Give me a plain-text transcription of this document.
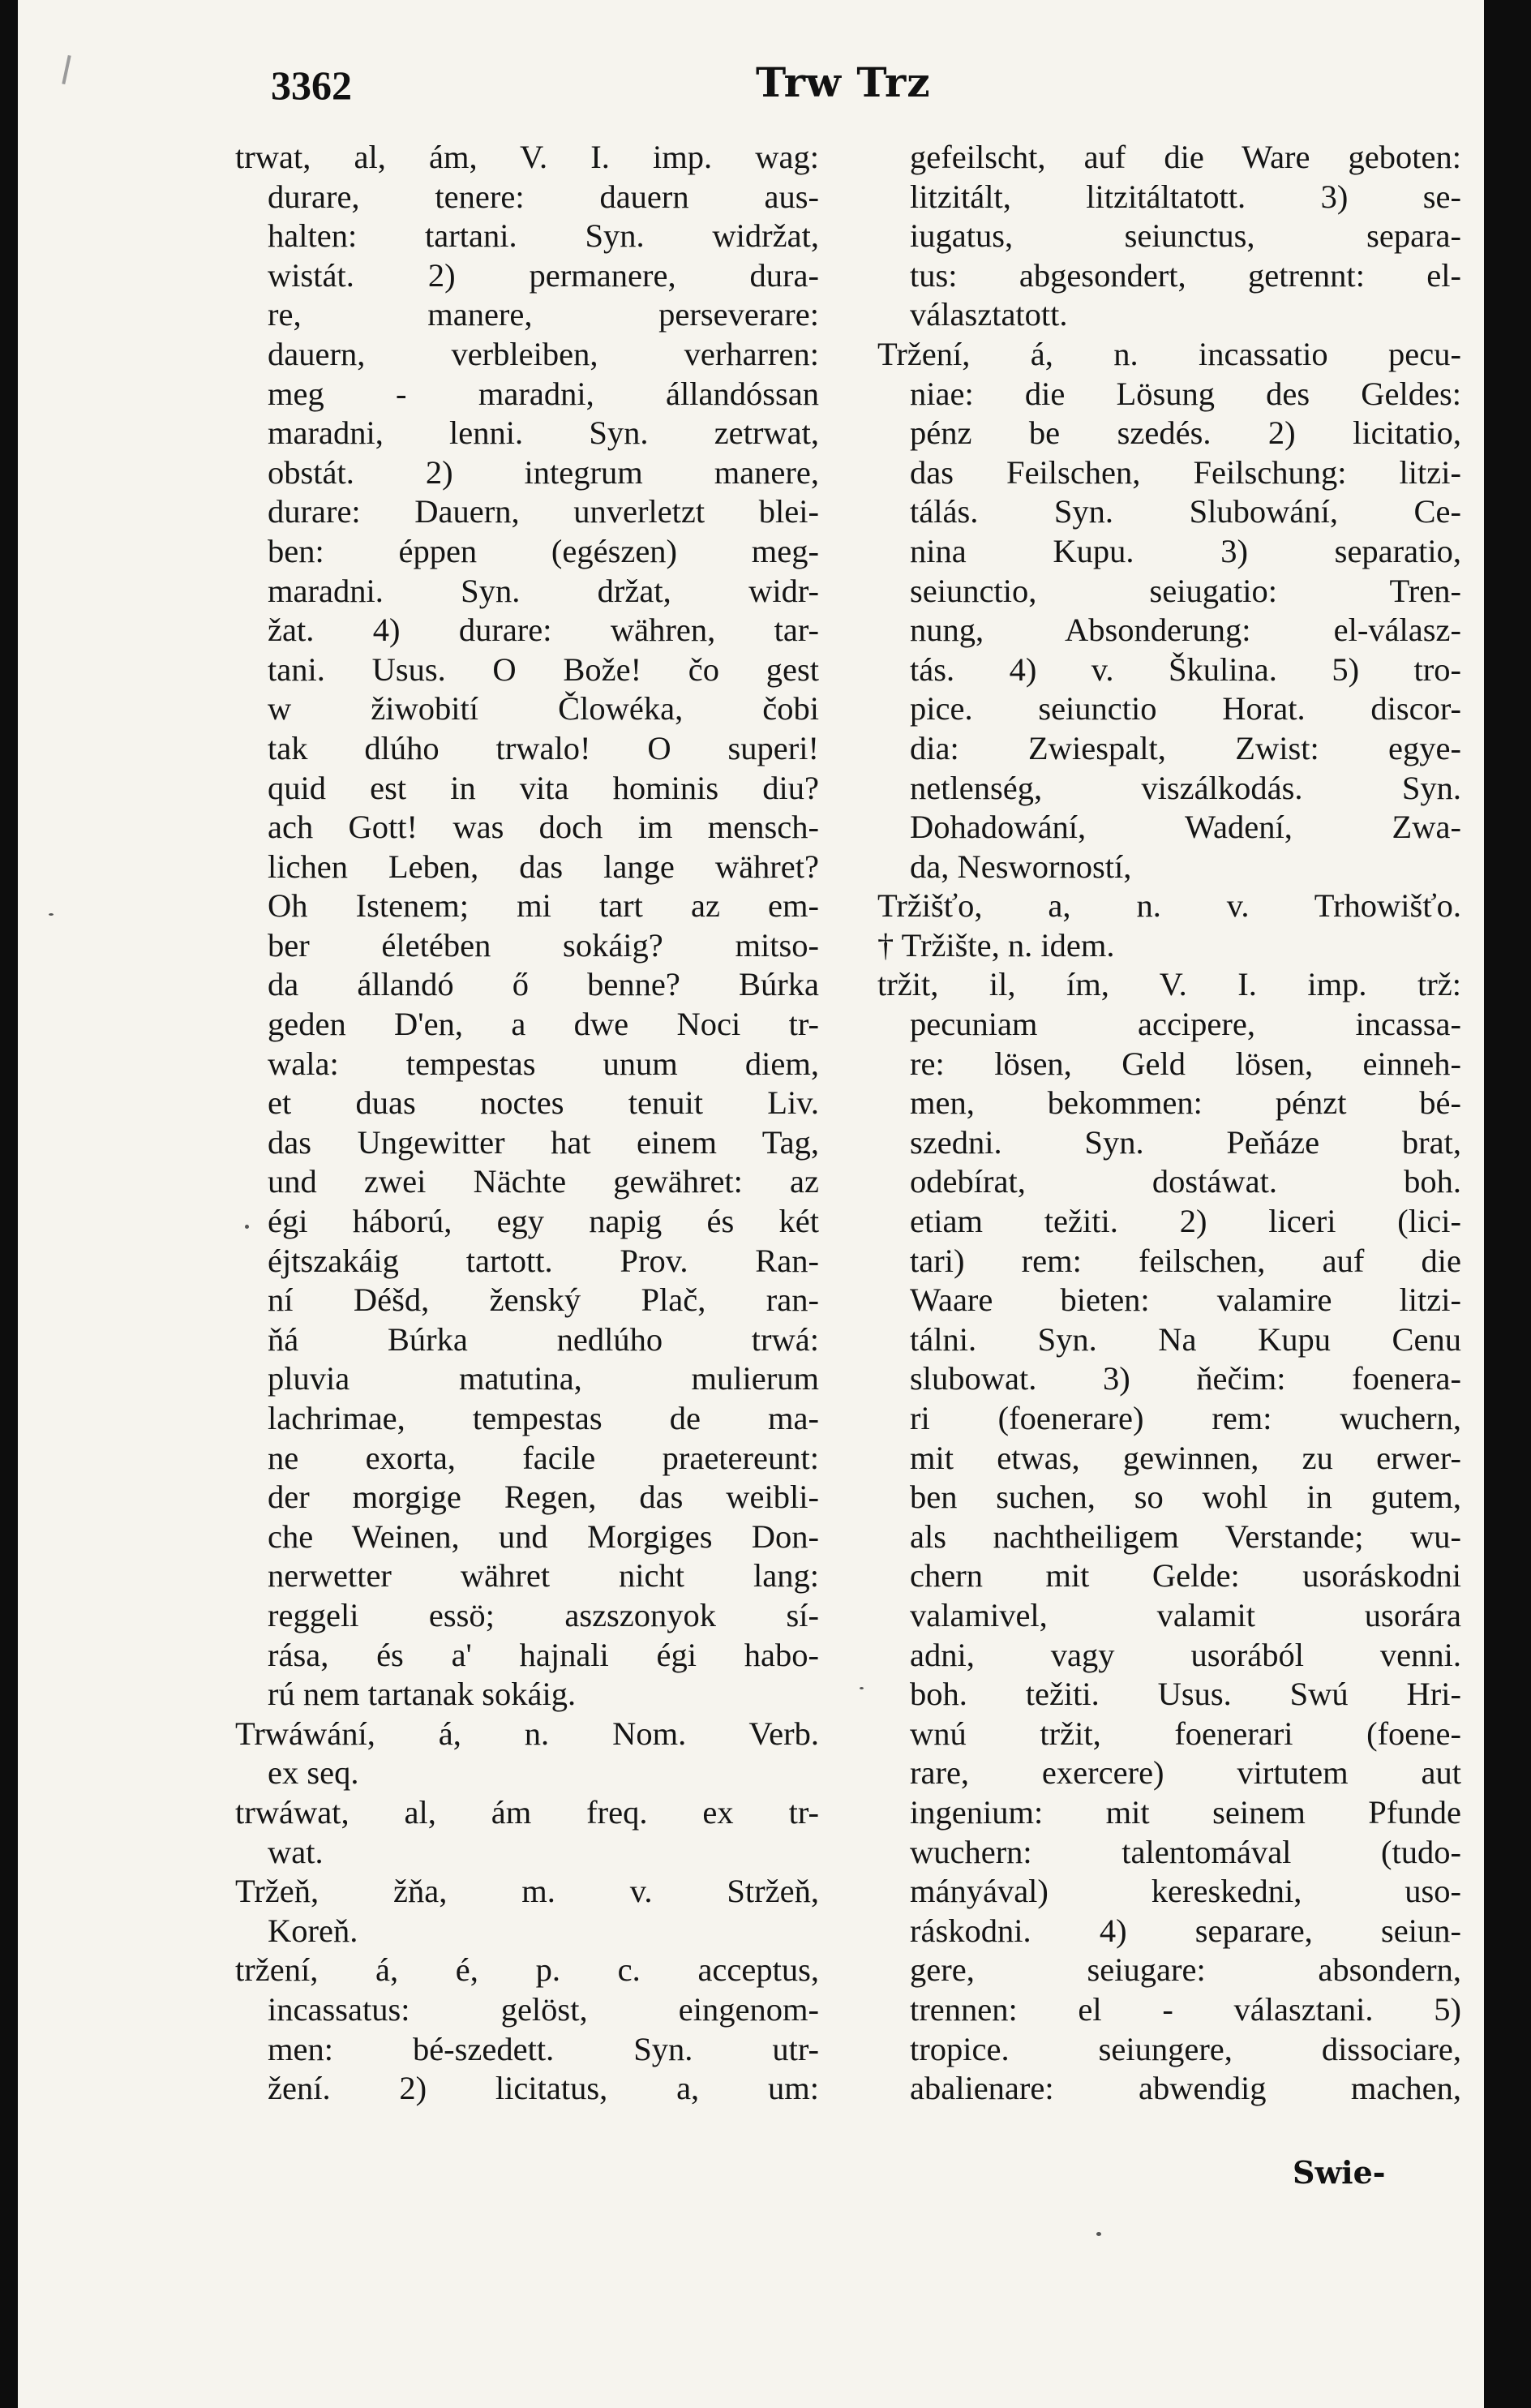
3362	Trw Trz
trwat, al, ám, V. I. imp. wag:
durare, tenere: dauern aus-
halten: tartani. Syn. widržat,
wistát. 2) permanere, dura-
re, manere, perseverare:
dauern, verbleiben, verharren:
meg - maradni, állandóssan
maradni, lenni. Syn. zetrwat,
obstát. 2) integrum manere,
durare: Dauern, unverletzt blei-
ben: éppen (egészen) meg-
maradni. Syn. držat, widr-
žat. 4) durare: währen, tar-
tani. Usus. O Bože! čo gest
w žiwobití Člowéka, čobi
tak dlúho trwalo! O superi!
quid est in vita hominis diu?
ach Gott! was doch im mensch-
lichen Leben, das lange währet?
Oh Istenem; mi tart az em-
ber életében sokáig? mitso-
da állandó ő benne? Búrka
geden D'en, a dwe Noci tr-
wala: tempestas unum diem,
et duas noctes tenuit Liv.
das Ungewitter hat einem Tag,
und zwei Nächte gewähret: az
égi háború, egy napig és két
éjtszakáig tartott. Prov. Ran-
ní Déšd, ženský Plač, ran-
ňá Búrka nedlúho trwá:
pluvia matutina, mulierum
lachrimae, tempestas de ma-
ne exorta, facile praetereunt:
der morgige Regen, das weibli-
che Weinen, und Morgiges Don-
nerwetter währet nicht lang:
reggeli essö; aszszonyok sí-
rása, és a' hajnali égi habo-
rú nem tartanak sokáig.
Trwáwání, á, n. Nom. Verb.
ex seq.
trwáwat, al, ám freq. ex tr-
wat.
Tržeň, žňa, m. v. Stržeň,
Koreň.
tržení, á, é, p. c. acceptus,
incassatus: gelöst, eingenom-
men: bé-szedett. Syn. utr-
žení. 2) licitatus, a, um:
gefeilscht, auf die Ware geboten:
litzitált, litzitáltatott. 3) se-
iugatus, seiunctus, separa-
tus: abgesondert, getrennt: el-
választatott.
Tržení, á, n. incassatio pecu-
niae: die Lösung des Geldes:
pénz be szedés. 2) licitatio,
das Feilschen, Feilschung: litzi-
tálás. Syn. Slubowání, Ce-
nina Kupu. 3) separatio,
seiunctio, seiugatio: Tren-
nung, Absonderung: el-válasz-
tás. 4) v. Škulina. 5) tro-
pice. seiunctio Horat. discor-
dia: Zwiespalt, Zwist: egye-
netlenség, viszálkodás. Syn.
Dohadowání, Wadení, Zwa-
da, Nesworností,
Tržišťo, a, n. v. Trhowišťo.
† Tržište, n. idem.
tržit, il, ím, V. I. imp. trž:
pecuniam accipere, incassa-
re: lösen, Geld lösen, einneh-
men, bekommen: pénzt bé-
szedni. Syn. Peňáze brat,
odebírat, dostáwat. boh.
etiam težiti. 2) liceri (lici-
tari) rem: feilschen, auf die
Waare bieten: valamire litzi-
tálni. Syn. Na Kupu Cenu
slubowat. 3) ňečim: foenera-
ri (foenerare) rem: wuchern,
mit etwas, gewinnen, zu erwer-
ben suchen, so wohl in gutem,
als nachtheiligem Verstande; wu-
chern mit Gelde: usoráskodni
valamivel, valamit usorára
adni, vagy usorából venni.
boh. težiti. Usus. Swú Hri-
wnú tržit, foenerari (foene-
rare, exercere) virtutem aut
ingenium: mit seinem Pfunde
wuchern: talentomával (tudo-
mányával) kereskedni, uso-
ráskodni. 4) separare, seiun-
gere, seiugare: absondern,
trennen: el - választani. 5)
tropice. seiungere, dissociare,
abalienare: abwendig machen,
Swie-
